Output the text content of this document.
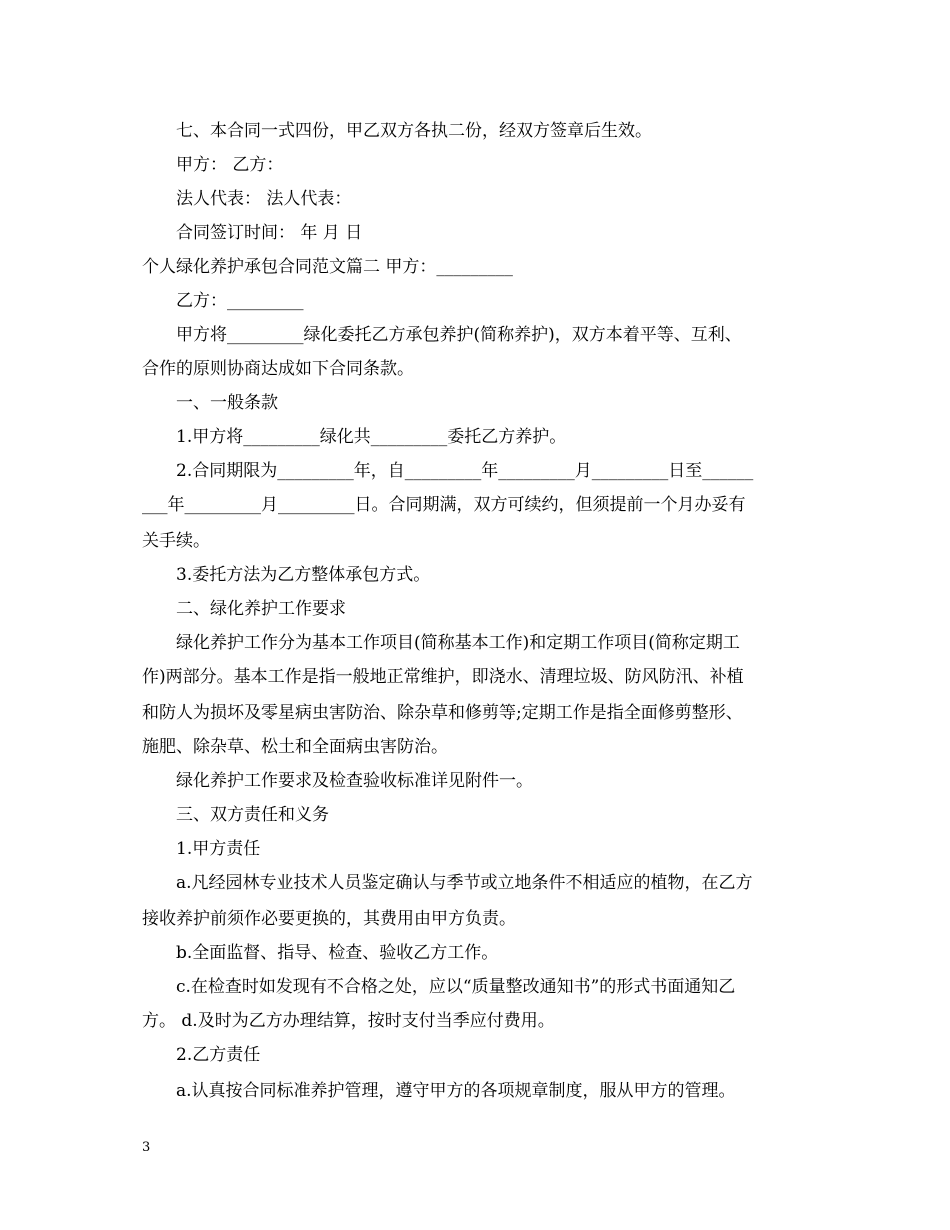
七、本合同一式四份，甲乙双方各执二份，经双方签章后生效。
甲方： 乙方：
法人代表： 法人代表：
合同签订时间： 年 月 日
个人绿化养护承包合同范文篇二 甲方：_________
乙方：_________
甲方将_________绿化委托乙方承包养护(简称养护)，双方本着平等、互利、
合作的原则协商达成如下合同条款。
一、一般条款
1.甲方将_________绿化共_________委托乙方养护。
2.合同期限为_________年，自_________年_________月_________日至______
___年_________月_________日。合同期满，双方可续约，但须提前一个月办妥有
关手续。
3.委托方法为乙方整体承包方式。
二、绿化养护工作要求
绿化养护工作分为基本工作项目(简称基本工作)和定期工作项目(简称定期工
作)两部分。基本工作是指一般地正常维护，即浇水、清理垃圾、防风防汛、补植
和防人为损坏及零星病虫害防治、除杂草和修剪等;定期工作是指全面修剪整形、
施肥、除杂草、松土和全面病虫害防治。
绿化养护工作要求及检查验收标准详见附件一。
三、双方责任和义务
1.甲方责任
a.凡经园林专业技术人员鉴定确认与季节或立地条件不相适应的植物，在乙方
接收养护前须作必要更换的，其费用由甲方负责。
b.全面监督、指导、检查、验收乙方工作。
c.在检查时如发现有不合格之处，应以“质量整改通知书”的形式书面通知乙
方。 d.及时为乙方办理结算，按时支付当季应付费用。
2.乙方责任
a.认真按合同标准养护管理，遵守甲方的各项规章制度，服从甲方的管理。
3
